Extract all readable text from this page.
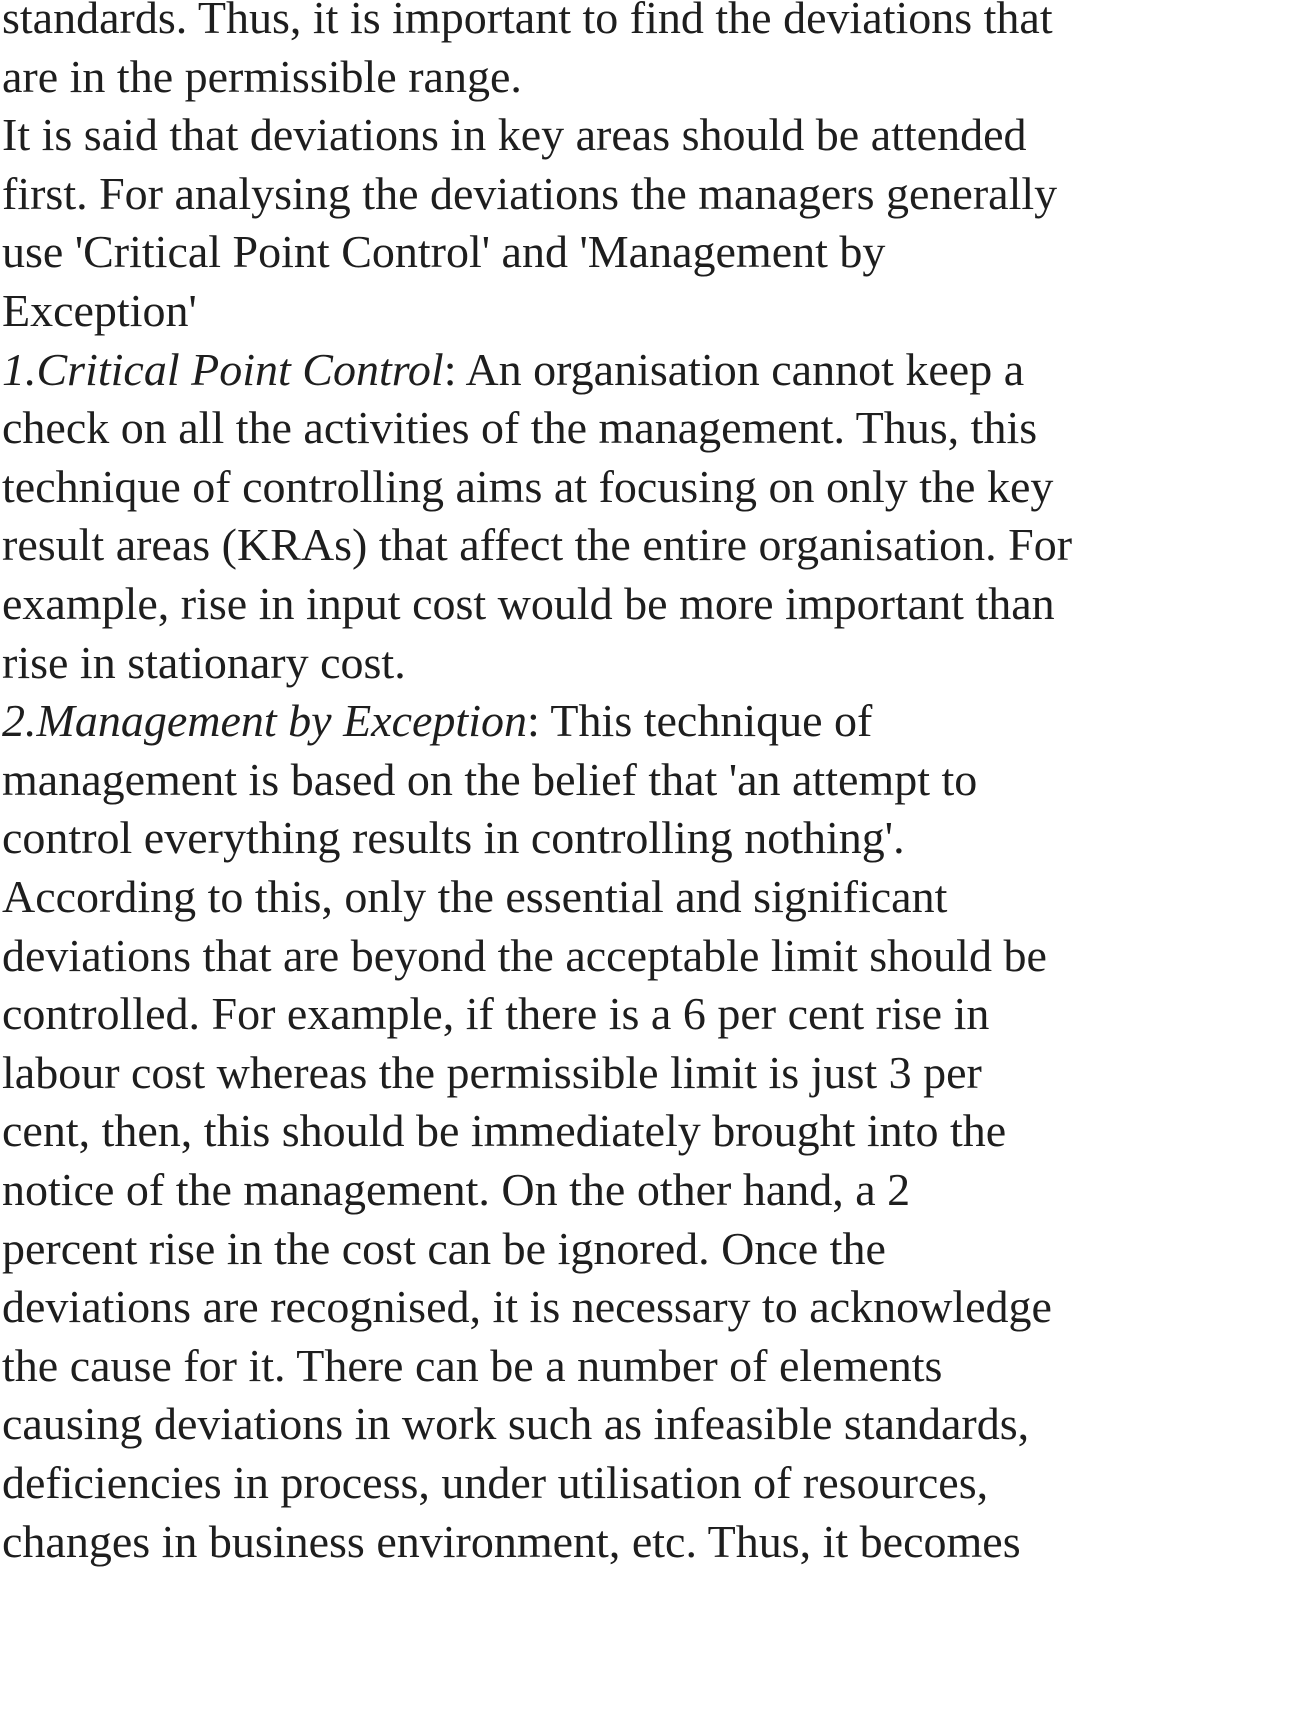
standards. Thus, it is important to find the deviations that
are in the permissible range.
It is said that deviations in key areas should be attended
first. For analysing the deviations the managers generally
use 'Critical Point Control' and 'Management by
Exception'
1.Critical Point Control: An organisation cannot keep a
check on all the activities of the management. Thus, this
technique of controlling aims at focusing on only the key
result areas (KRAs) that affect the entire organisation. For
example, rise in input cost would be more important than
rise in stationary cost.
2.Management by Exception: This technique of
management is based on the belief that 'an attempt to
control everything results in controlling nothing'.
According to this, only the essential and significant
deviations that are beyond the acceptable limit should be
controlled. For example, if there is a 6 per cent rise in
labour cost whereas the permissible limit is just 3 per
cent, then, this should be immediately brought into the
notice of the management. On the other hand, a 2
percent rise in the cost can be ignored. Once the
deviations are recognised, it is necessary to acknowledge
the cause for it. There can be a number of elements
causing deviations in work such as infeasible standards,
deficiencies in process, under utilisation of resources,
changes in business environment, etc. Thus, it becomes
